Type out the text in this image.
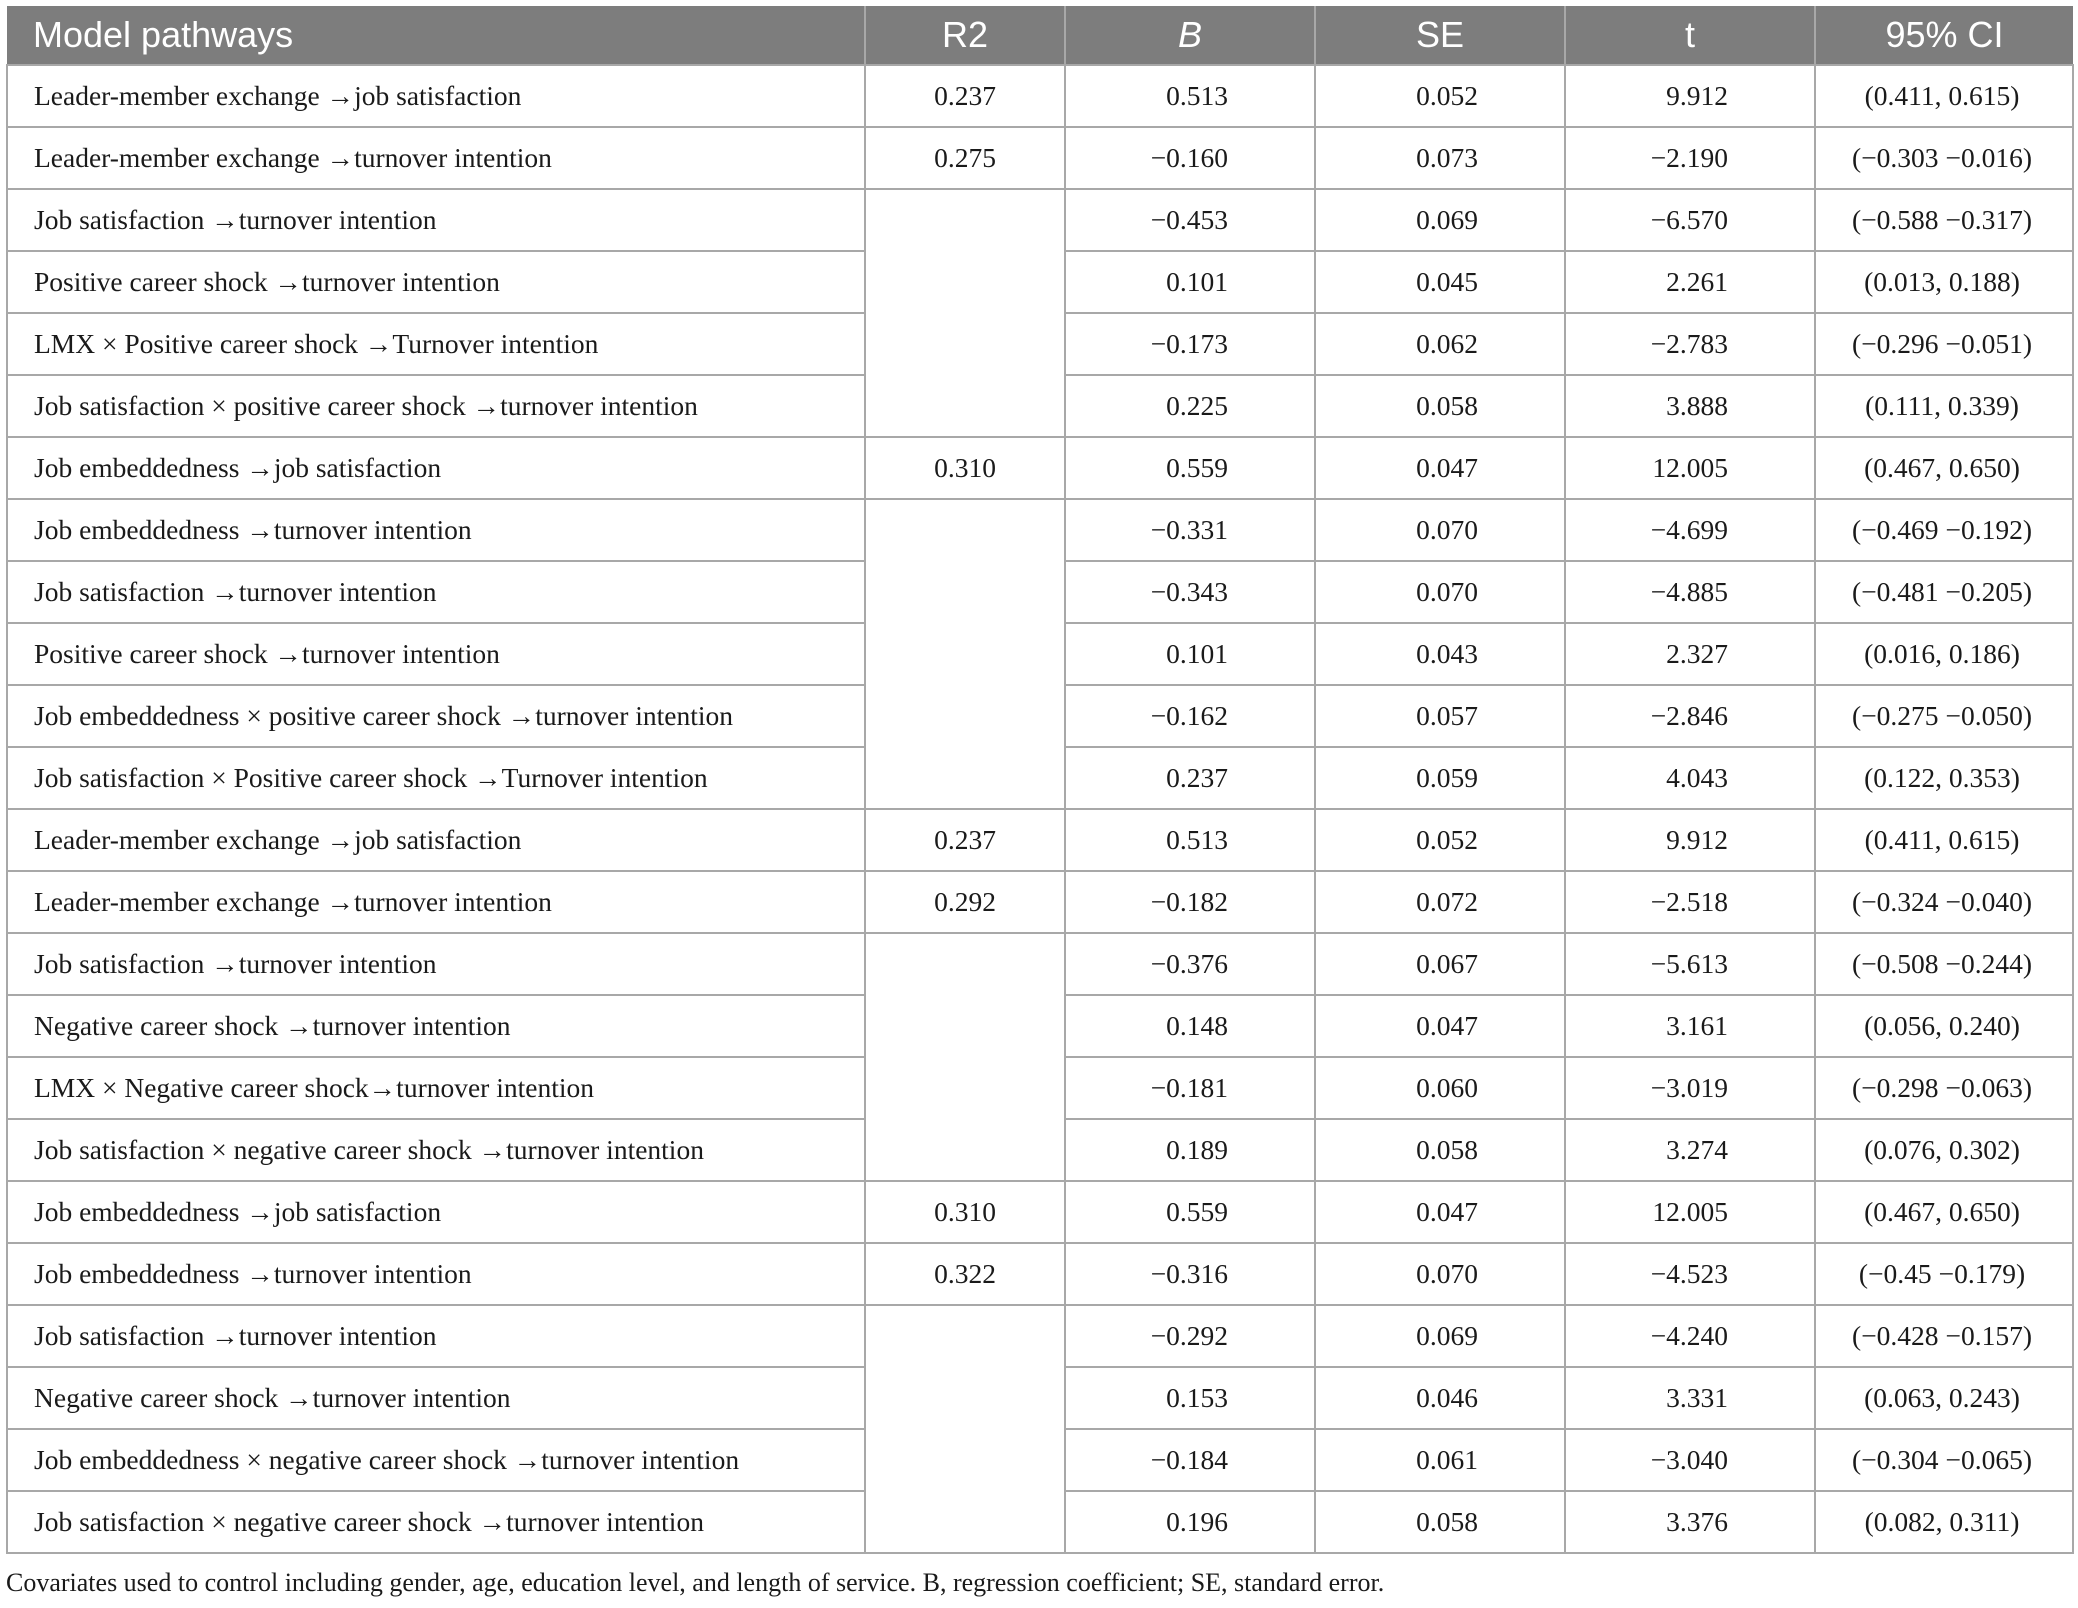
Model pathways	R2	B	SE	t	95% CI
Leader-member exchange →job satisfaction	0.237	0.513	0.052	9.912	(0.411, 0.615)
Leader-member exchange →turnover intention	0.275	−0.160	0.073	−2.190	(−0.303 −0.016)
Job satisfaction →turnover intention		−0.453	0.069	−6.570	(−0.588 −0.317)
Positive career shock →turnover intention		0.101	0.045	2.261	(0.013, 0.188)
LMX × Positive career shock →Turnover intention		−0.173	0.062	−2.783	(−0.296 −0.051)
Job satisfaction × positive career shock →turnover intention		0.225	0.058	3.888	(0.111, 0.339)
Job embeddedness →job satisfaction	0.310	0.559	0.047	12.005	(0.467, 0.650)
Job embeddedness →turnover intention		−0.331	0.070	−4.699	(−0.469 −0.192)
Job satisfaction →turnover intention		−0.343	0.070	−4.885	(−0.481 −0.205)
Positive career shock →turnover intention		0.101	0.043	2.327	(0.016, 0.186)
Job embeddedness × positive career shock →turnover intention		−0.162	0.057	−2.846	(−0.275 −0.050)
Job satisfaction × Positive career shock →Turnover intention		0.237	0.059	4.043	(0.122, 0.353)
Leader-member exchange →job satisfaction	0.237	0.513	0.052	9.912	(0.411, 0.615)
Leader-member exchange →turnover intention	0.292	−0.182	0.072	−2.518	(−0.324 −0.040)
Job satisfaction →turnover intention		−0.376	0.067	−5.613	(−0.508 −0.244)
Negative career shock →turnover intention		0.148	0.047	3.161	(0.056, 0.240)
LMX × Negative career shock→turnover intention		−0.181	0.060	−3.019	(−0.298 −0.063)
Job satisfaction × negative career shock →turnover intention		0.189	0.058	3.274	(0.076, 0.302)
Job embeddedness →job satisfaction	0.310	0.559	0.047	12.005	(0.467, 0.650)
Job embeddedness →turnover intention	0.322	−0.316	0.070	−4.523	(−0.45 −0.179)
Job satisfaction →turnover intention		−0.292	0.069	−4.240	(−0.428 −0.157)
Negative career shock →turnover intention		0.153	0.046	3.331	(0.063, 0.243)
Job embeddedness × negative career shock →turnover intention		−0.184	0.061	−3.040	(−0.304 −0.065)
Job satisfaction × negative career shock →turnover intention		0.196	0.058	3.376	(0.082, 0.311)
Covariates used to control including gender, age, education level, and length of service. B, regression coefficient; SE, standard error.
